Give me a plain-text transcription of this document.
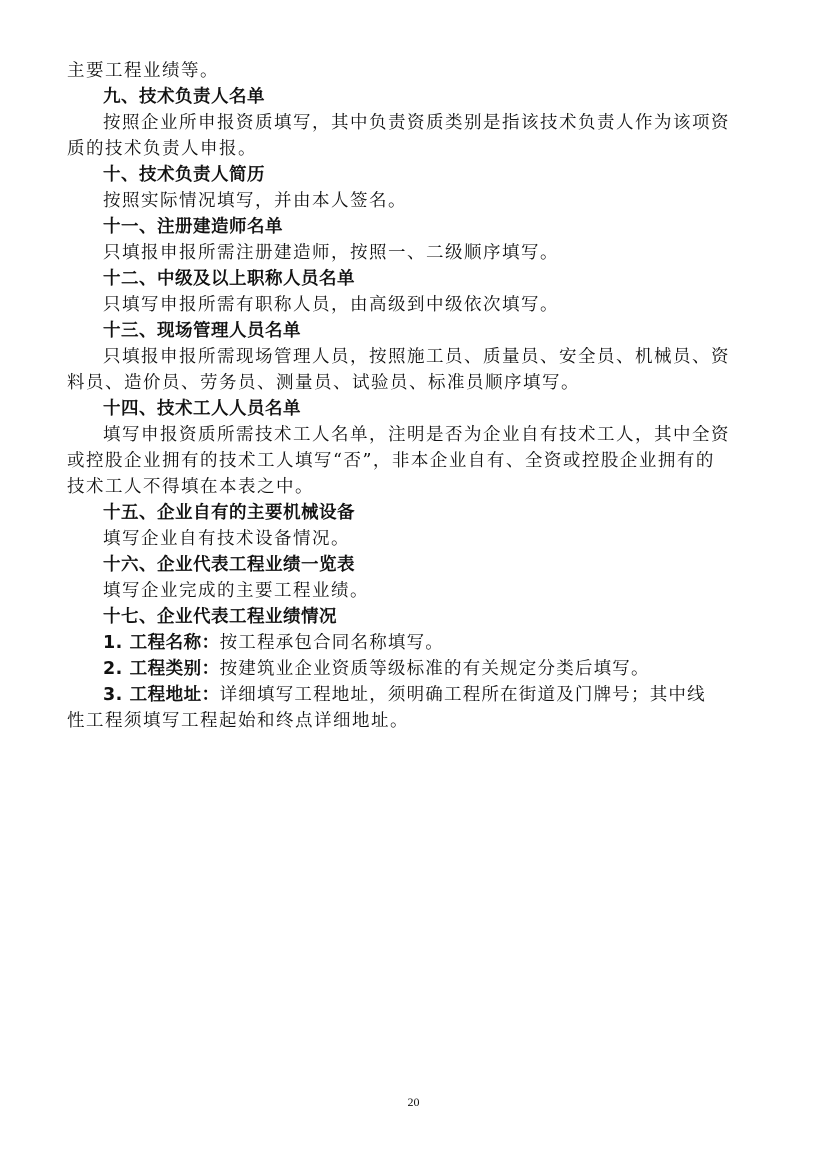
主要工程业绩等。
九、技术负责人名单
按照企业所申报资质填写，其中负责资质类别是指该技术负责人作为该项资
质的技术负责人申报。
十、技术负责人简历
按照实际情况填写，并由本人签名。
十一、注册建造师名单
只填报申报所需注册建造师，按照一、二级顺序填写。
十二、中级及以上职称人员名单
只填写申报所需有职称人员，由高级到中级依次填写。
十三、现场管理人员名单
只填报申报所需现场管理人员，按照施工员、质量员、安全员、机械员、资
料员、造价员、劳务员、测量员、试验员、标准员顺序填写。
十四、技术工人人员名单
填写申报资质所需技术工人名单，注明是否为企业自有技术工人，其中全资
或控股企业拥有的技术工人填写“否”，非本企业自有、全资或控股企业拥有的
技术工人不得填在本表之中。
十五、企业自有的主要机械设备
填写企业自有技术设备情况。
十六、企业代表工程业绩一览表
填写企业完成的主要工程业绩。
十七、企业代表工程业绩情况
1. 工程名称：按工程承包合同名称填写。
2. 工程类别：按建筑业企业资质等级标准的有关规定分类后填写。
3. 工程地址：详细填写工程地址，须明确工程所在街道及门牌号；其中线
性工程须填写工程起始和终点详细地址。
20
